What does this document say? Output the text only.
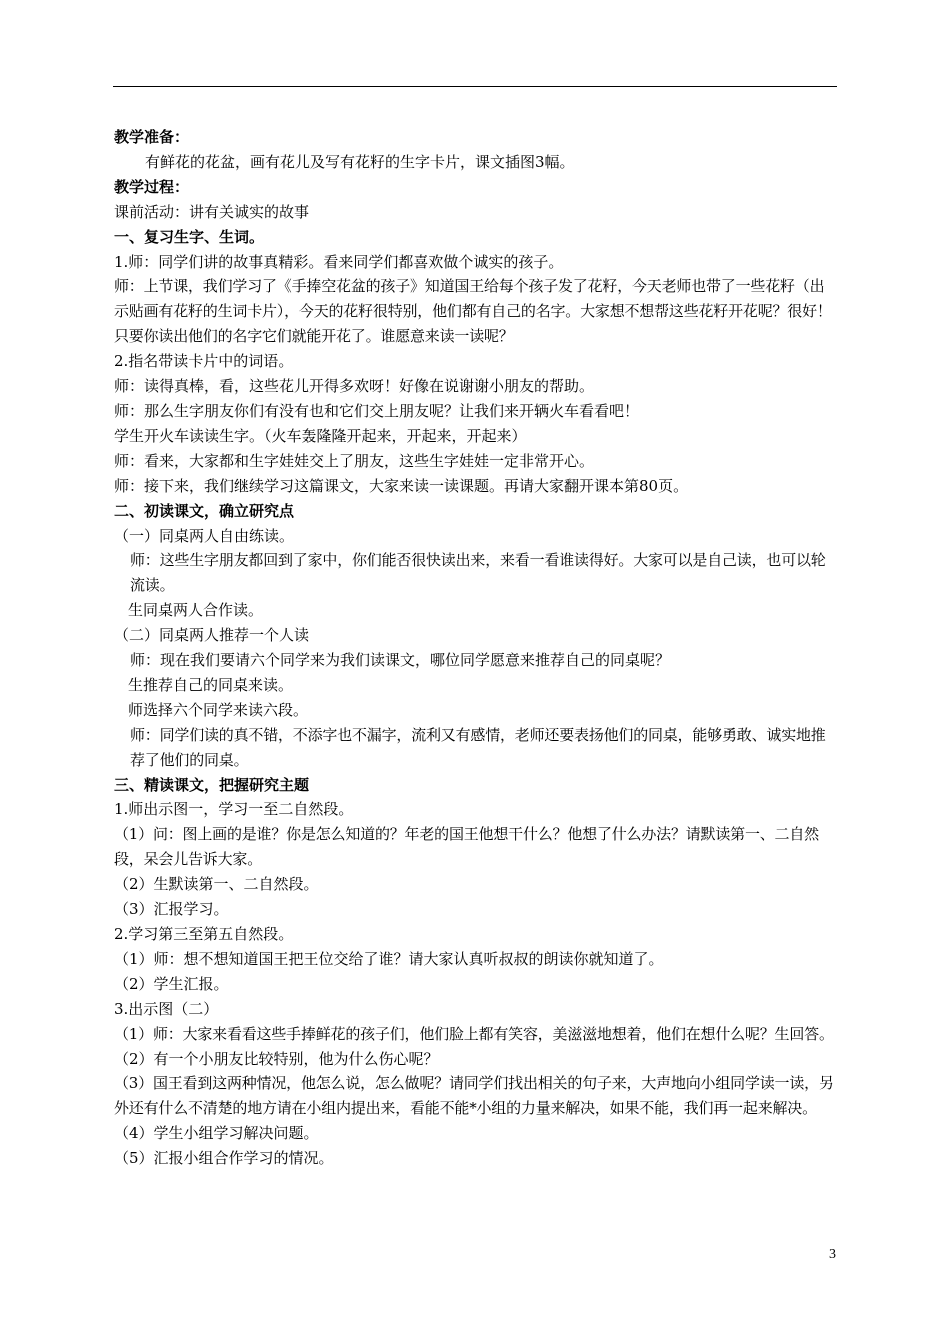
教学准备：

有鲜花的花盆，画有花儿及写有花籽的生字卡片，课文插图3幅。

教学过程：

课前活动：讲有关诚实的故事

一、复习生字、生词。

1.师：同学们讲的故事真精彩。看来同学们都喜欢做个诚实的孩子。

师：上节课，我们学习了《手捧空花盆的孩子》知道国王给每个孩子发了花籽，今天老师也带了一些花籽（出示贴画有花籽的生词卡片），今天的花籽很特别，他们都有自己的名字。大家想不想帮这些花籽开花呢？很好！只要你读出他们的名字它们就能开花了。谁愿意来读一读呢？

2.指名带读卡片中的词语。

师：读得真棒，看，这些花儿开得多欢呀！好像在说谢谢小朋友的帮助。

师：那么生字朋友你们有没有也和它们交上朋友呢？让我们来开辆火车看看吧！

学生开火车读读生字。（火车轰隆隆开起来，开起来，开起来）

师：看来，大家都和生字娃娃交上了朋友，这些生字娃娃一定非常开心。

师：接下来，我们继续学习这篇课文，大家来读一读课题。再请大家翻开课本第80页。

二、初读课文，确立研究点

（一）同桌两人自由练读。

师：这些生字朋友都回到了家中，你们能否很快读出来，来看一看谁读得好。大家可以是自己读，也可以轮流读。

生同桌两人合作读。

（二）同桌两人推荐一个人读

师：现在我们要请六个同学来为我们读课文，哪位同学愿意来推荐自己的同桌呢？

生推荐自己的同桌来读。

师选择六个同学来读六段。

师：同学们读的真不错，不添字也不漏字，流利又有感情，老师还要表扬他们的同桌，能够勇敢、诚实地推荐了他们的同桌。

三、精读课文，把握研究主题

1.师出示图一，学习一至二自然段。

（1）问：图上画的是谁？你是怎么知道的？年老的国王他想干什么？他想了什么办法？请默读第一、二自然段，呆会儿告诉大家。

（2）生默读第一、二自然段。

（3）汇报学习。

2.学习第三至第五自然段。

（1）师：想不想知道国王把王位交给了谁？请大家认真听叔叔的朗读你就知道了。

（2）学生汇报。

3.出示图（二）

（1）师：大家来看看这些手捧鲜花的孩子们，他们脸上都有笑容，美滋滋地想着，他们在想什么呢？生回答。

（2）有一个小朋友比较特别，他为什么伤心呢？

（3）国王看到这两种情况，他怎么说，怎么做呢？请同学们找出相关的句子来，大声地向小组同学读一读，另外还有什么不清楚的地方请在小组内提出来，看能不能*小组的力量来解决，如果不能，我们再一起来解决。

（4）学生小组学习解决问题。

（5）汇报小组合作学习的情况。

3
